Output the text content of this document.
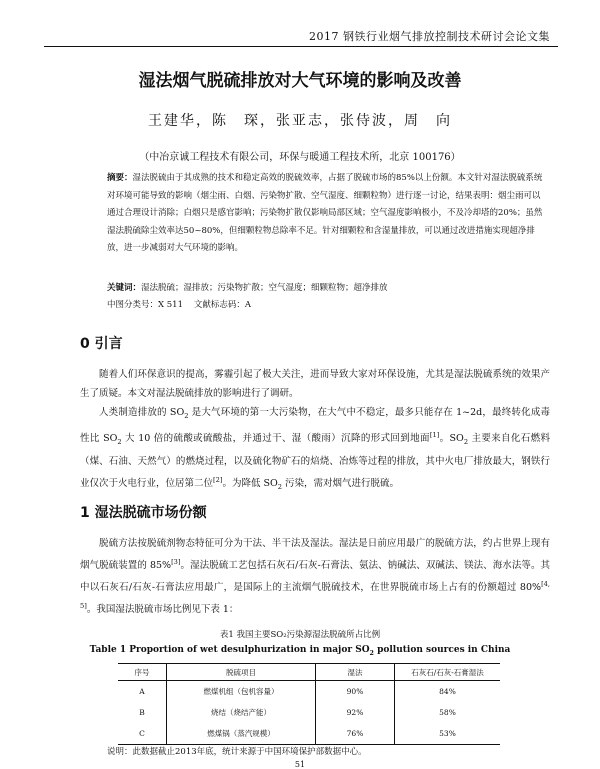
2017 钢铁行业烟气排放控制技术研讨会论文集
湿法烟气脱硫排放对大气环境的影响及改善
王建华，陈　琛，张亚志，张侍波，周　向
（中冶京诚工程技术有限公司，环保与暖通工程技术所，北京 100176）
摘要：湿法脱硫由于其成熟的技术和稳定高效的脱硫效率，占据了脱硫市场的85%以上份额。本文针对湿法脱硫系统对环境可能导致的影响（烟尘雨、白烟、污染物扩散、空气湿度、细颗粒物）进行逐一讨论，结果表明：烟尘雨可以通过合理设计消除；白烟只是感官影响；污染物扩散仅影响局部区域；空气湿度影响极小，不及冷却塔的20%；虽然湿法脱硫除尘效率达50~80%，但细颗粒物总除率不足。针对细颗粒和含湿量排放，可以通过改进措施实现超净排放，进一步减弱对大气环境的影响。
关键词：湿法脱硫；湿排放；污染物扩散；空气湿度；细颗粒物；超净排放
中图分类号：X 511 文献标志码：A
0 引言
随着人们环保意识的提高，雾霾引起了极大关注，进而导致大家对环保设施，尤其是湿法脱硫系统的效果产生了质疑。本文对湿法脱硫排放的影响进行了调研。
人类制造排放的 $SO_2$ 是大气环境的第一大污染物，在大气中不稳定，最多只能存在 1~2d，最终转化成毒性比 $SO_2$ 大 10 倍的硫酸或硫酸盐，并通过干、湿（酸雨）沉降的形式回到地面[1]。$SO_2$ 主要来自化石燃料（煤、石油、天然气）的燃烧过程，以及硫化物矿石的焙烧、冶炼等过程的排放，其中火电厂排放最大，钢铁行业仅次于火电行业，位居第二位[2]。为降低 $SO_2$ 污染，需对烟气进行脱硫。
1 湿法脱硫市场份额
脱硫方法按脱硫剂物态特征可分为干法、半干法及湿法。湿法是日前应用最广的脱硫方法，约占世界上现有烟气脱硫装置的 85%[3]。湿法脱硫工艺包括石灰石/石灰-石膏法、氨法、钠碱法、双碱法、镁法、海水法等。其中以石灰石/石灰-石膏法应用最广，是国际上的主流烟气脱硫技术，在世界脱硫市场上占有的份额超过 80%[4, 5]。我国湿法脱硫市场比例见下表 1：
表1 我国主要SO₂污染源湿法脱硫所占比例
Table 1 Proportion of wet desulphurization in major $SO_2$ pollution sources in China
序号	脱硫项目	湿法	石灰石/石灰-石膏湿法
A	燃煤机组（包机容量）	90%	84%
B	烧结（烧结产能）	92%	58%
C	燃煤锅（蒸汽规模）	76%	53%
说明：此数据截止2013年底，统计来源于中国环境保护部数据中心。
51
